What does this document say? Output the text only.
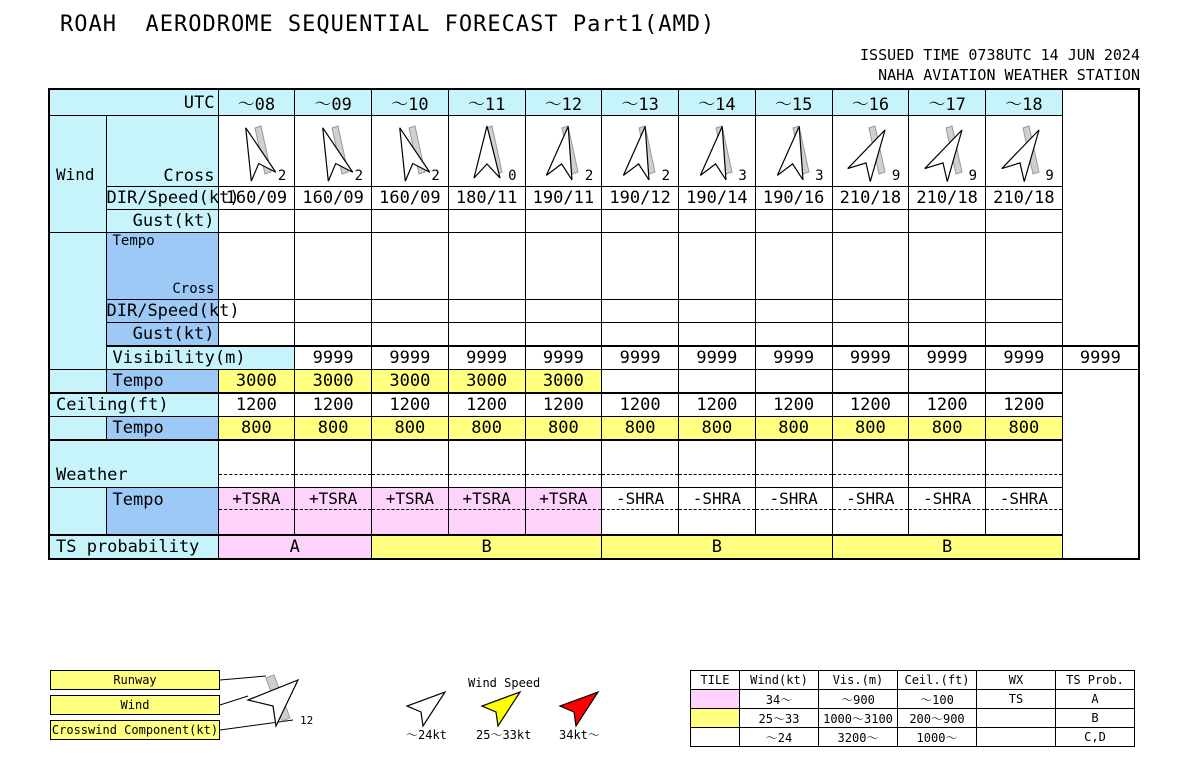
ROAH  AERODROME SEQUENTIAL FORECAST Part1(AMD)
ISSUED TIME 0738UTC 14 JUN 2024
NAHA AVIATION WEATHER STATION
UTC		～08	～09	～10	～11	～12	～13	～14	～15	～16	～17	～18	
Wind	Cross	2	2	2	0	2	2	3	3	9	9	9	

	DIR/Speed(kt)	160/09	160/09	160/09	180/11	190/11	190/12	190/14	190/16	210/18	210/18	210/18	
	Gust(kt)												

	Tempo
Cross												

	DIR/Speed(kt)												
	Gust(kt)												
	Visibility(m)		9999	9999	9999	9999	9999	9999	9999	9999	9999	9999	9999
	Tempo	3000	3000	3000	3000	3000							
Ceiling(ft)		1200	1200	1200	1200	1200	1200	1200	1200	1200	1200	1200	
	Tempo	800	800	800	800	800	800	800	800	800	800	800	
Weather			

	Tempo	+TSRA	+TSRA	+TSRA	+TSRA	+TSRA	-SHRA	-SHRA	-SHRA	-SHRA	-SHRA	-SHRA	

TS probability		A		B			B			B			
Runway
Wind
Crosswind Component(kt)
12
Wind Speed
～24kt 25～33kt 34kt～
TILE	Wind(kt)	Vis.(m)	Ceil.(ft)	WX	TS Prob.
	34～	～900	～100	TS	A
	25～33	1000～3100	200～900		B
	～24	3200～	1000～		C,D
